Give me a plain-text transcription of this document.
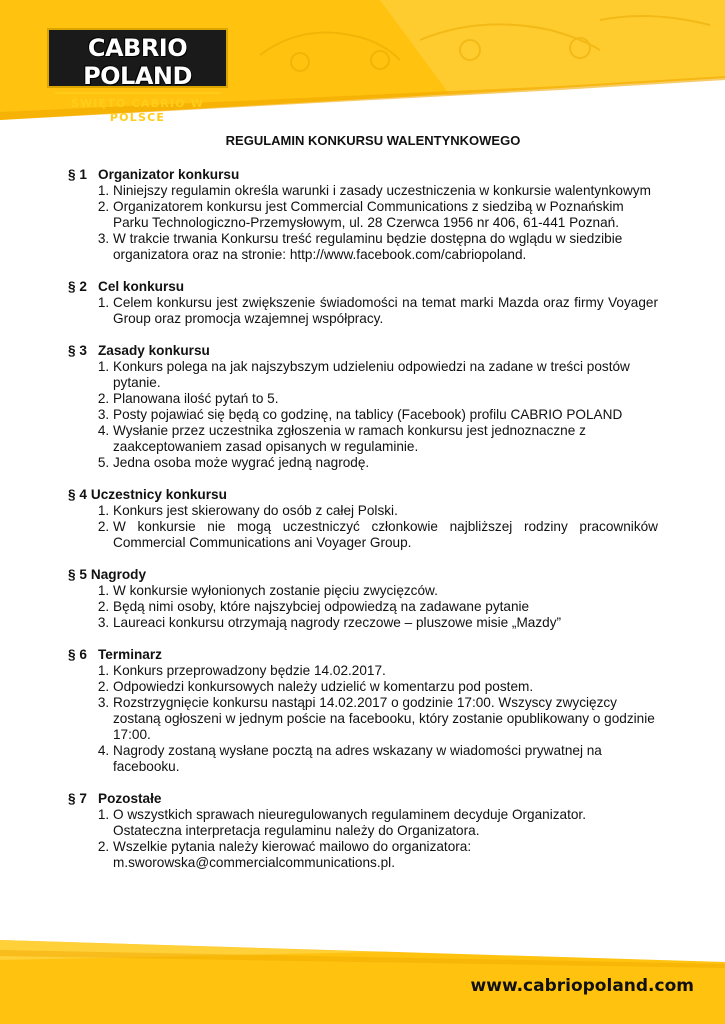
CABRIO POLAND
ŚWIĘTO CABRIO W POLSCE
REGULAMIN KONKURSU WALENTYNKOWEGO

§ 1 Organizator konkursu

1. Niniejszy regulamin określa warunki i zasady uczestniczenia w konkursie walentynkowym
2. Organizatorem konkursu jest Commercial Communications z siedzibą w Poznańskim Parku Technologiczno-Przemysłowym, ul. 28 Czerwca 1956 nr 406, 61-441 Poznań.
3. W trakcie trwania Konkursu treść regulaminu będzie dostępna do wglądu w siedzibie organizatora oraz na stronie: http://www.facebook.com/cabriopoland.

§ 2 Cel konkursu

1. Celem konkursu jest zwiększenie świadomości na temat marki Mazda oraz firmy Voyager Group oraz promocja wzajemnej współpracy.

§ 3 Zasady konkursu

1. Konkurs polega na jak najszybszym udzieleniu odpowiedzi na zadane w treści postów pytanie.
2. Planowana ilość pytań to 5.
3. Posty pojawiać się będą co godzinę, na tablicy (Facebook) profilu CABRIO POLAND
4. Wysłanie przez uczestnika zgłoszenia w ramach konkursu jest jednoznaczne z zaakceptowaniem zasad opisanych w regulaminie.
5. Jedna osoba może wygrać jedną nagrodę.

§ 4 Uczestnicy konkursu

1. Konkurs jest skierowany do osób z całej Polski.
2. W konkursie nie mogą uczestniczyć członkowie najbliższej rodziny pracowników Commercial Communications ani Voyager Group.

§ 5 Nagrody

1. W konkursie wyłonionych zostanie pięciu zwycięzców.
2. Będą nimi osoby, które najszybciej odpowiedzą na zadawane pytanie
3. Laureaci konkursu otrzymają nagrody rzeczowe – pluszowe misie „Mazdy”

§ 6 Terminarz

1. Konkurs przeprowadzony będzie 14.02.2017.
2. Odpowiedzi konkursowych należy udzielić w komentarzu pod postem.
3. Rozstrzygnięcie konkursu nastąpi 14.02.2017 o godzinie 17:00. Wszyscy zwycięzcy zostaną ogłoszeni w jednym poście na facebooku, który zostanie opublikowany o godzinie 17:00.
4. Nagrody zostaną wysłane pocztą na adres wskazany w wiadomości prywatnej na facebooku.

§ 7 Pozostałe

1. O wszystkich sprawach nieuregulowanych regulaminem decyduje Organizator. Ostateczna interpretacja regulaminu należy do Organizatora.
2. Wszelkie pytania należy kierować mailowo do organizatora: m.sworowska@commercialcommunications.pl.
www.cabriopoland.com
